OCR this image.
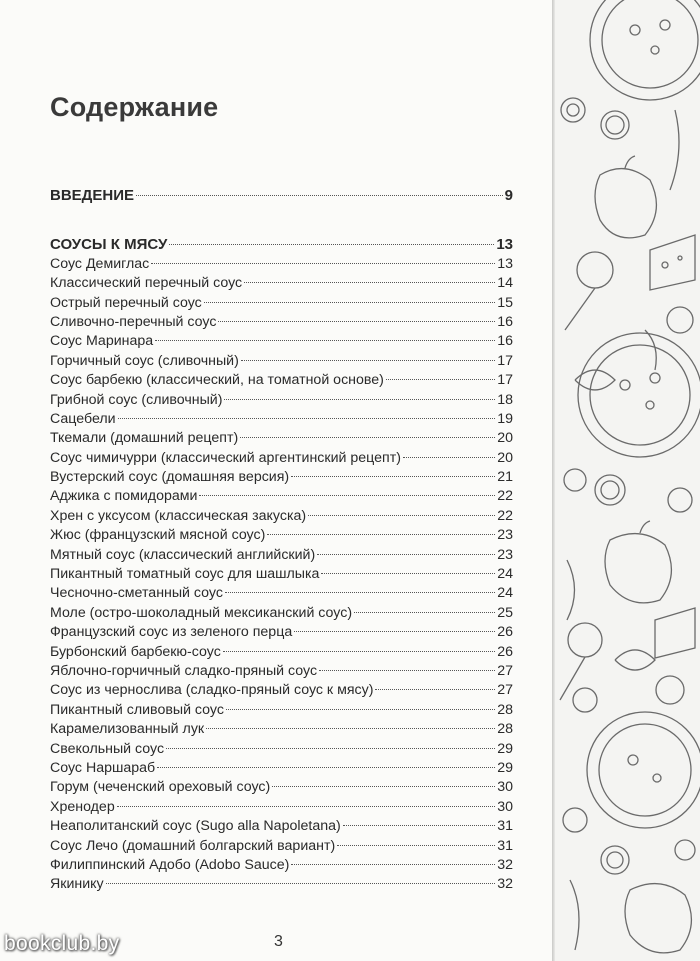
Содержание
ВВЕДЕНИЕ	9
СОУСЫ К МЯСУ	13
Соус Демиглас	13
Классический перечный соус	14
Острый перечный соус	15
Сливочно-перечный соус	16
Соус Маринара	16
Горчичный соус (сливочный)	17
Соус барбекю (классический, на томатной основе)	17
Грибной соус (сливочный)	18
Сацебели	19
Ткемали (домашний рецепт)	20
Соус чимичурри (классический аргентинский рецепт)	20
Вустерский соус (домашняя версия)	21
Аджика с помидорами	22
Хрен с уксусом (классическая закуска)	22
Жюс (французский мясной соус)	23
Мятный соус (классический английский)	23
Пикантный томатный соус для шашлыка	24
Чесночно-сметанный соус	24
Моле (остро-шоколадный мексиканский соус)	25
Французский соус из зеленого перца	26
Бурбонский барбекю-соус	26
Яблочно-горчичный сладко-пряный соус	27
Соус из чернослива (сладко-пряный соус к мясу)	27
Пикантный сливовый соус	28
Карамелизованный лук	28
Свекольный соус	29
Соус Наршараб	29
Горум (чеченский ореховый соус)	30
Хренодер	30
Неаполитанский соус (Sugo alla Napoletana)	31
Соус Лечо (домашний болгарский вариант)	31
Филиппинский Адобо (Adobo Sauce)	32
Якинику	32
3
bookclub.by
